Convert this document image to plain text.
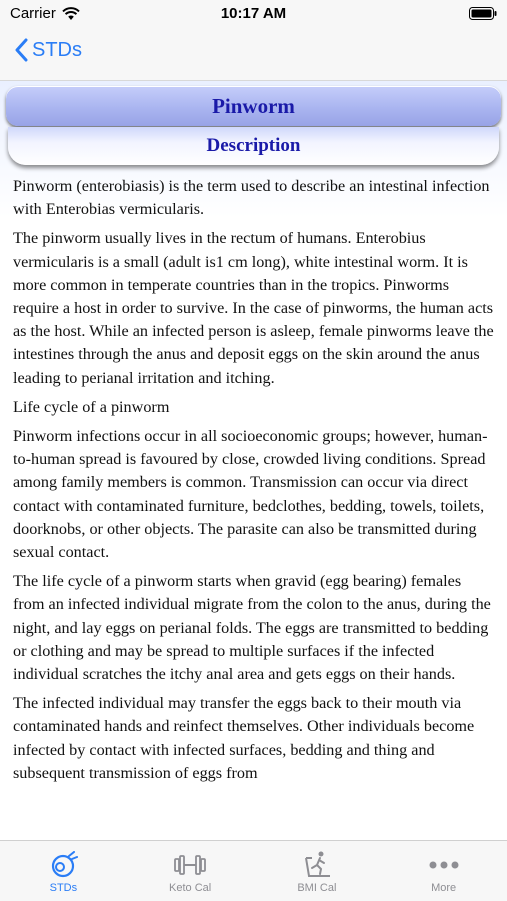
Carrier	10:17 AM
STDs
Pinworm
Description

Pinworm (enterobiasis) is the term used to describe an intestinal infection with Enterobias vermicularis.

The pinworm usually lives in the rectum of humans. Enterobius vermicularis is a small (adult is1 cm long), white intestinal worm. It is more common in temperate countries than in the tropics. Pinworms require a host in order to survive. In the case of pinworms, the human acts as the host. While an infected person is asleep, female pinworms leave the intestines through the anus and deposit eggs on the skin around the anus leading to perianal irritation and itching.

Life cycle of a pinworm

Pinworm infections occur in all socioeconomic groups; however, human-to-human spread is favoured by close, crowded living conditions. Spread among family members is common. Transmission can occur via direct contact with contaminated furniture, bedclothes, bedding, towels, toilets, doorknobs, or other objects. The parasite can also be transmitted during sexual contact.

The life cycle of a pinworm starts when gravid (egg bearing) females from an infected individual migrate from the colon to the anus, during the night, and lay eggs on perianal folds. The eggs are transmitted to bedding or clothing and may be spread to multiple surfaces if the infected individual scratches the itchy anal area and gets eggs on their hands.

The infected individual may transfer the eggs back to their mouth via contaminated hands and reinfect themselves. Other individuals become infected by contact with infected surfaces, bedding and thing and subsequent transmission of eggs from

STDs	Keto Cal	BMI Cal	More
